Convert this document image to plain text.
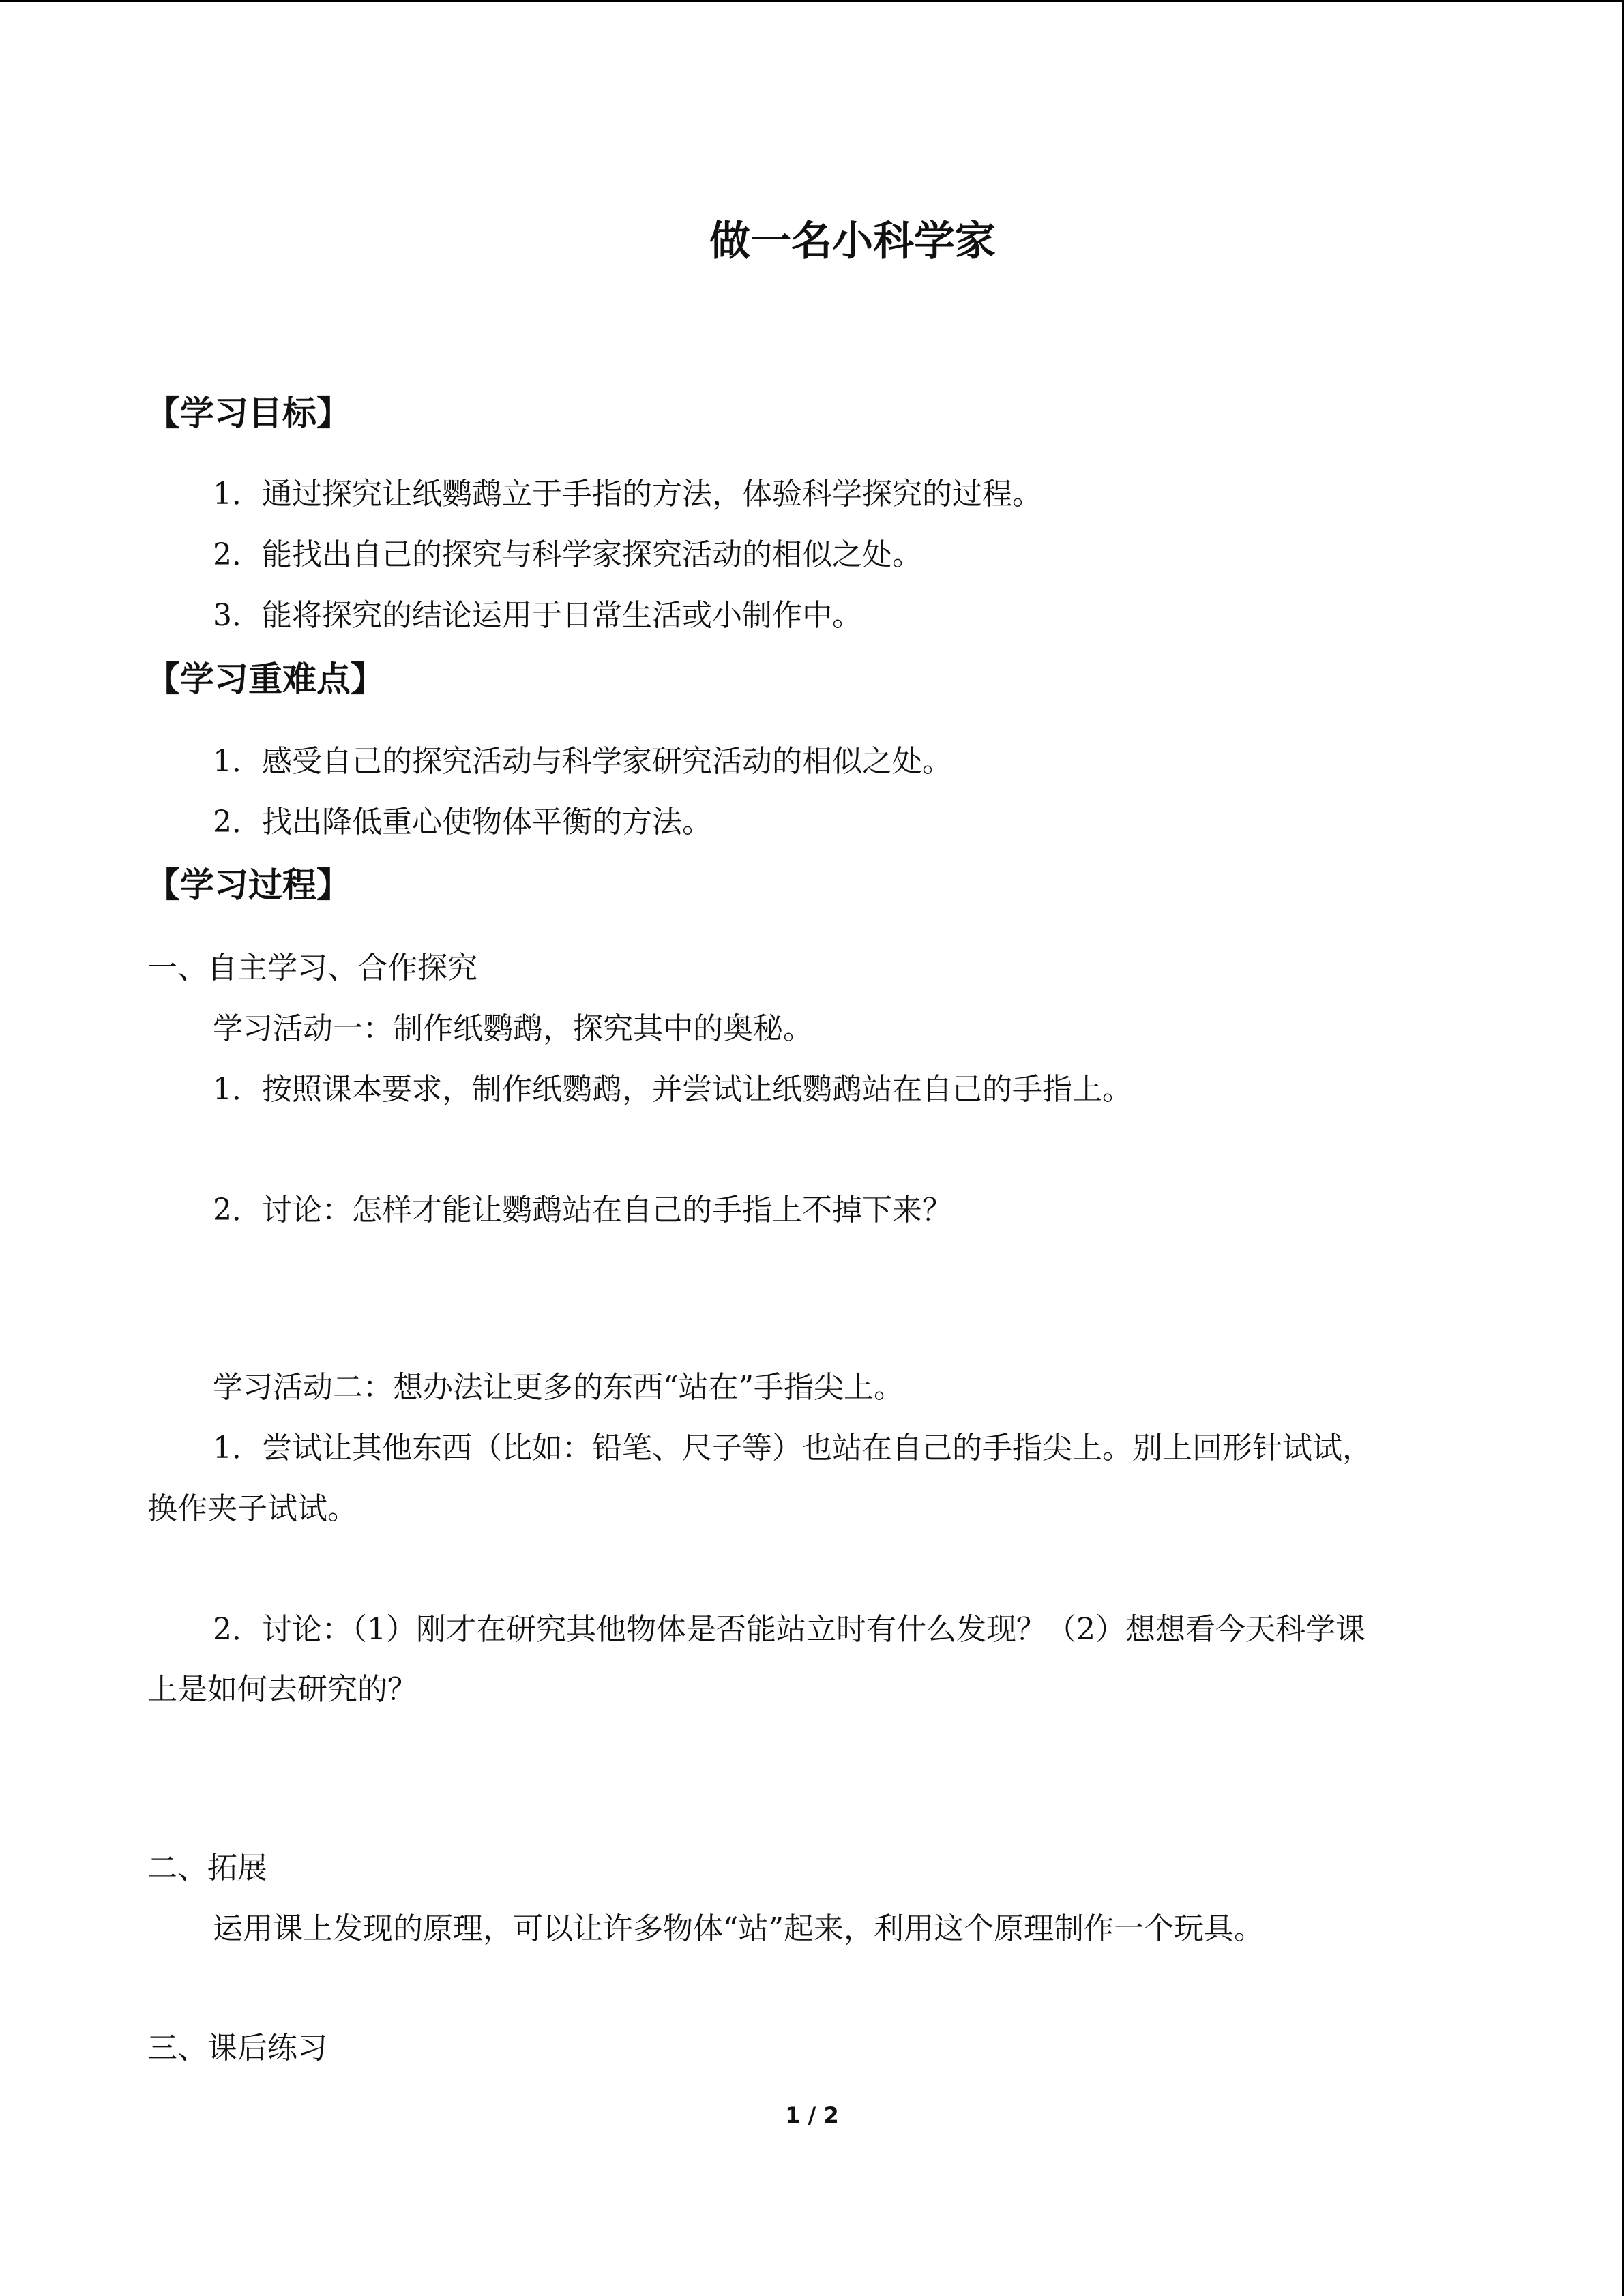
做一名小科学家
【学习目标】
1．通过探究让纸鹦鹉立于手指的方法，体验科学探究的过程。
2．能找出自己的探究与科学家探究活动的相似之处。
3．能将探究的结论运用于日常生活或小制作中。
【学习重难点】
1．感受自己的探究活动与科学家研究活动的相似之处。
2．找出降低重心使物体平衡的方法。
【学习过程】
一、自主学习、合作探究
学习活动一：制作纸鹦鹉，探究其中的奥秘。
1．按照课本要求，制作纸鹦鹉，并尝试让纸鹦鹉站在自己的手指上。
2．讨论：怎样才能让鹦鹉站在自己的手指上不掉下来？
学习活动二：想办法让更多的东西“站在”手指尖上。
1．尝试让其他东西（比如：铅笔、尺子等）也站在自己的手指尖上。别上回形针试试，
换作夹子试试。
2．讨论：（1）刚才在研究其他物体是否能站立时有什么发现？（2）想想看今天科学课
上是如何去研究的？
二、拓展
运用课上发现的原理，可以让许多物体“站”起来，利用这个原理制作一个玩具。
三、课后练习
1 / 2
